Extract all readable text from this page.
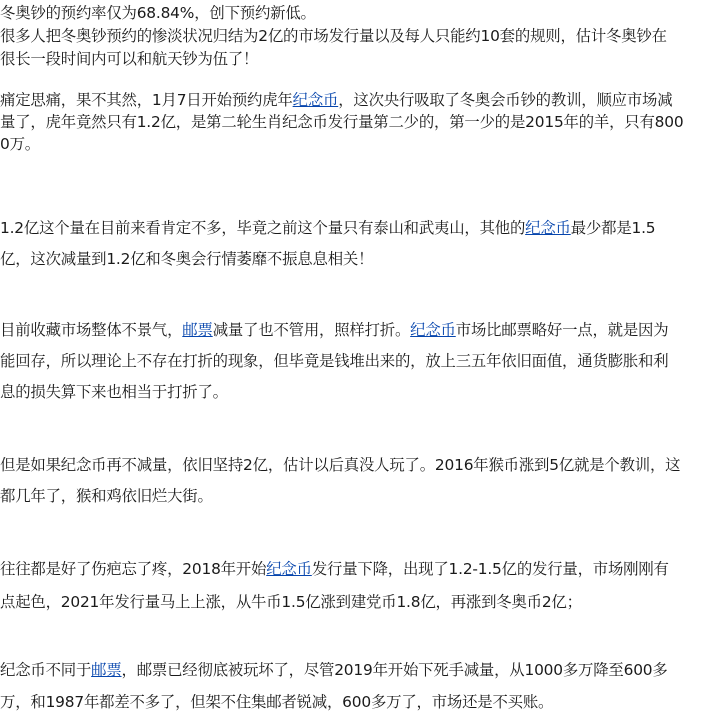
冬奥钞的预约率仅为68.84%，创下预约新低。
很多人把冬奥钞预约的惨淡状况归结为2亿的市场发行量以及每人只能约10套的规则，估计冬奥钞在
很长一段时间内可以和航天钞为伍了！
痛定思痛，果不其然，1月7日开始预约虎年纪念币，这次央行吸取了冬奥会币钞的教训，顺应市场减
量了，虎年竟然只有1.2亿，是第二轮生肖纪念币发行量第二少的，第一少的是2015年的羊，只有800
0万。
1.2亿这个量在目前来看肯定不多，毕竟之前这个量只有泰山和武夷山，其他的纪念币最少都是1.5
亿，这次减量到1.2亿和冬奥会行情萎靡不振息息相关！
目前收藏市场整体不景气，邮票减量了也不管用，照样打折。纪念币市场比邮票略好一点，就是因为
能回存，所以理论上不存在打折的现象，但毕竟是钱堆出来的，放上三五年依旧面值，通货膨胀和利
息的损失算下来也相当于打折了。
但是如果纪念币再不减量，依旧坚持2亿，估计以后真没人玩了。2016年猴币涨到5亿就是个教训，这
都几年了，猴和鸡依旧烂大街。
往往都是好了伤疤忘了疼，2018年开始纪念币发行量下降，出现了1.2-1.5亿的发行量，市场刚刚有
点起色，2021年发行量马上上涨，从牛币1.5亿涨到建党币1.8亿，再涨到冬奥币2亿；
纪念币不同于邮票，邮票已经彻底被玩坏了，尽管2019年开始下死手减量，从1000多万降至600多
万，和1987年都差不多了，但架不住集邮者锐减，600多万了，市场还是不买账。
